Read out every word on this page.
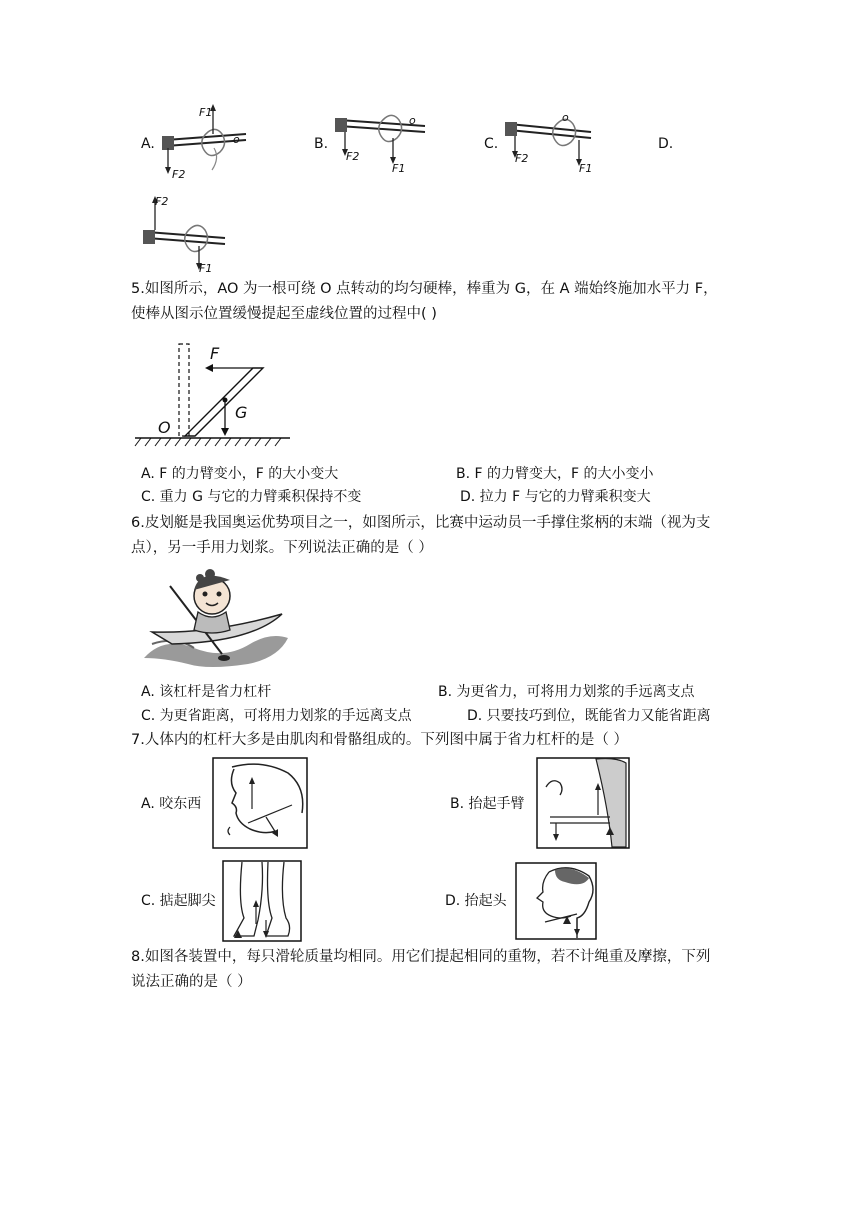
A.
F1
F2
o	B.
F2
F1
o
C.
F2
F1
o
D.
F2
F1
5.如图所示，AO 为一根可绕 O 点转动的均匀硬棒，棒重为 G，在 A 端始终施加水平力 F，
使棒从图示位置缓慢提起至虚线位置的过程中( )
F
G
O
A. F 的力臂变小，F 的大小变大	B. F 的力臂变大，F 的大小变小
C. 重力 G 与它的力臂乘积保持不变	D. 拉力 F 与它的力臂乘积变大
6.皮划艇是我国奥运优势项目之一，如图所示，比赛中运动员一手撑住浆柄的末端（视为支
点），另一手用力划浆。下列说法正确的是（ ）
A. 该杠杆是省力杠杆	B. 为更省力，可将用力划浆的手远离支点
C. 为更省距离，可将用力划浆的手远离支点	D. 只要技巧到位，既能省力又能省距离
7.人体内的杠杆大多是由肌肉和骨骼组成的。下列图中属于省力杠杆的是（ ）
A. 咬东西	B. 抬起手臂
C. 掂起脚尖	D. 抬起头
8.如图各装置中，每只滑轮质量均相同。用它们提起相同的重物，若不计绳重及摩擦，下列
说法正确的是（ ）
